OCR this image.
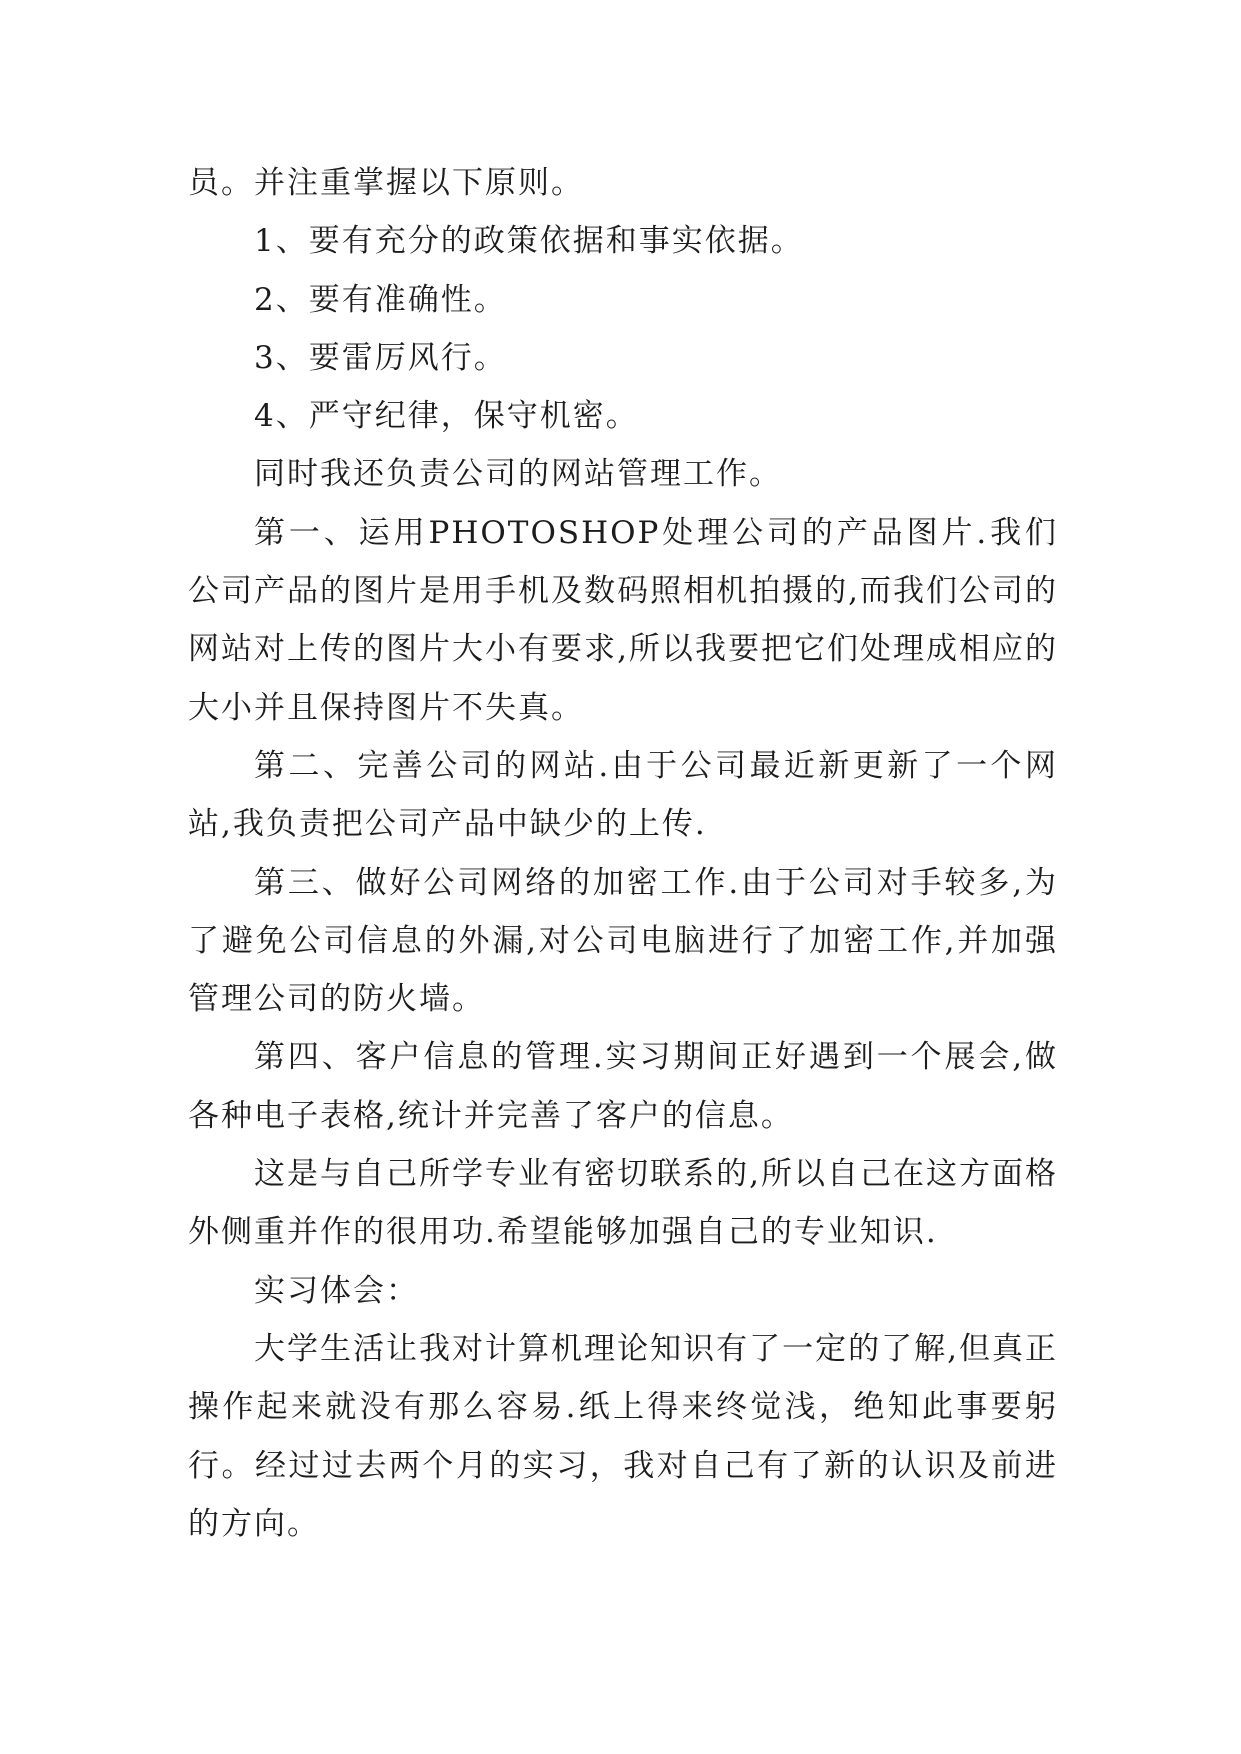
员。并注重掌握以下原则。

1、要有充分的政策依据和事实依据。

2、要有准确性。

3、要雷厉风行。

4、严守纪律，保守机密。

同时我还负责公司的网站管理工作。

第一、运用PHOTOSHOP处理公司的产品图片.我们公司产品的图片是用手机及数码照相机拍摄的,而我们公司的网站对上传的图片大小有要求,所以我要把它们处理成相应的大小并且保持图片不失真。

第二、完善公司的网站.由于公司最近新更新了一个网站,我负责把公司产品中缺少的上传.

第三、做好公司网络的加密工作.由于公司对手较多,为了避免公司信息的外漏,对公司电脑进行了加密工作,并加强管理公司的防火墙。

第四、客户信息的管理.实习期间正好遇到一个展会,做各种电子表格,统计并完善了客户的信息。

这是与自己所学专业有密切联系的,所以自己在这方面格外侧重并作的很用功.希望能够加强自己的专业知识.

实习体会：

大学生活让我对计算机理论知识有了一定的了解,但真正操作起来就没有那么容易.纸上得来终觉浅，绝知此事要躬行。经过过去两个月的实习，我对自己有了新的认识及前进的方向。
